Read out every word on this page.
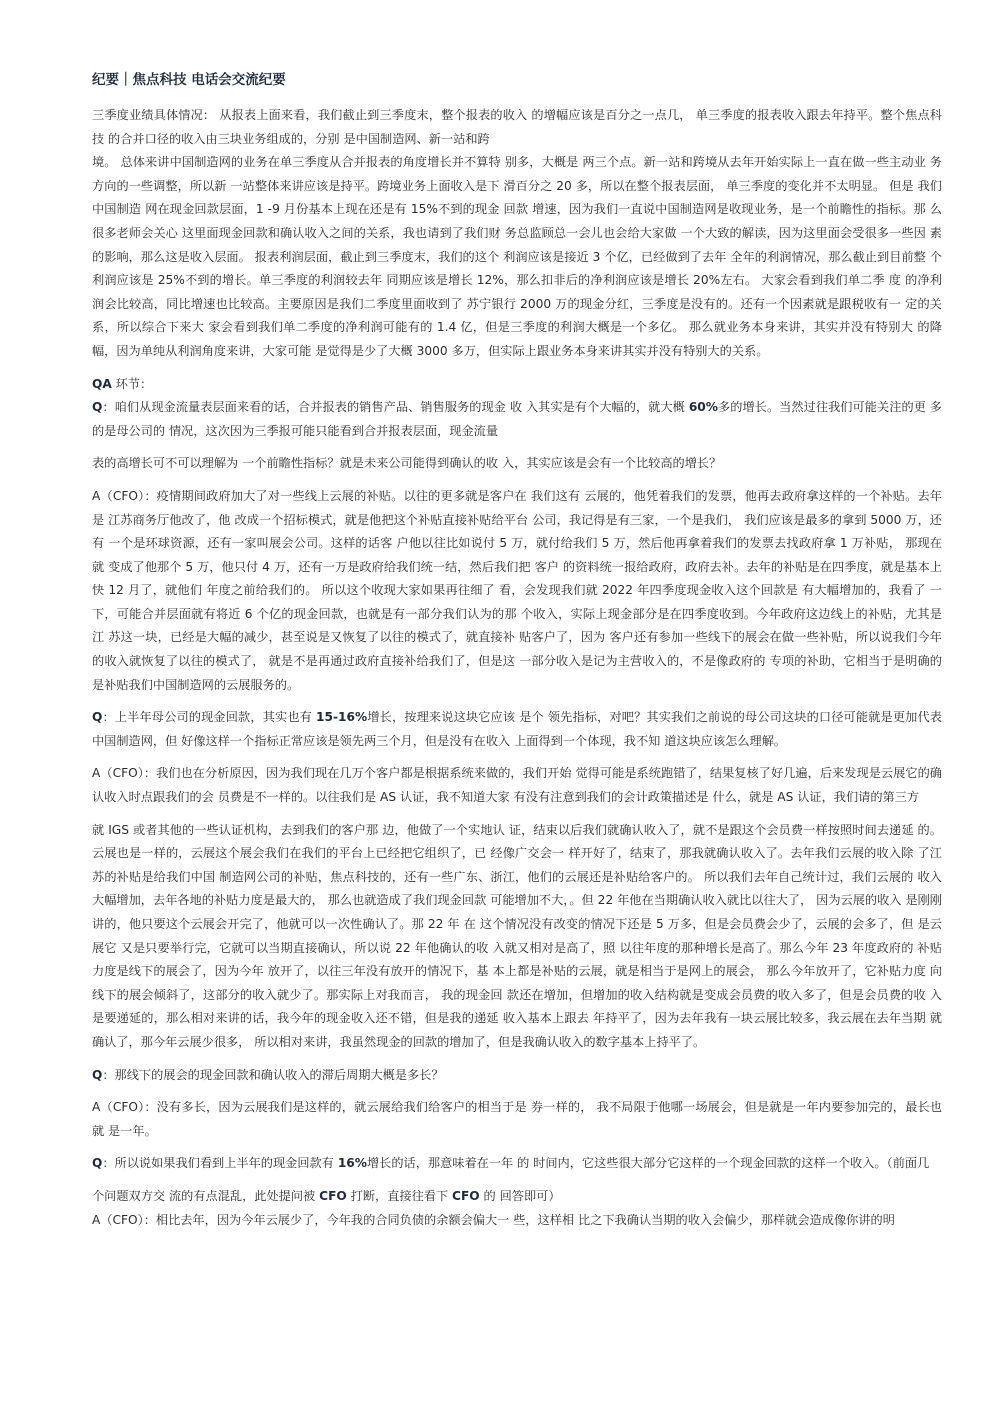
纪要｜焦点科技 电话会交流纪要

三季度业绩具体情况： 从报表上面来看，我们截止到三季度末，整个报表的收入 的增幅应该是百分之一点几， 单三季度的报表收入跟去年持平。整个焦点科技 的合并口径的收入由三块业务组成的，分别 是中国制造网、新一站和跨

境。 总体来讲中国制造网的业务在单三季度从合并报表的角度增长并不算特 别多，大概是 两三个点。新一站和跨境从去年开始实际上一直在做一些主动业 务方向的一些调整，所以新 一站整体来讲应该是持平。跨境业务上面收入是下 滑百分之 20 多，所以在整个报表层面， 单三季度的变化并不太明显。 但是 我们中国制造 网在现金回款层面，1 -9 月份基本上现在还是有 15%不到的现金 回款 增速，因为我们一直说中国制造网是收现业务，是一个前瞻性的指标。那 么很多老师会关心 这里面现金回款和确认收入之间的关系，我也请到了我们财 务总监顾总一会儿也会给大家做 一个大致的解读，因为这里面会受很多一些因 素的影响，那么这是收入层面。 报表利润层面，截止到三季度末，我们的这个 利润应该是接近 3 个亿，已经做到了去年 全年的利润情况，那么截止到目前整 个利润应该是 25%不到的增长。单三季度的利润较去年 同期应该是增长 12%，那么扣非后的净利润应该是增长 20%左右。 大家会看到我们单二季 度 的净利润会比较高，同比增速也比较高。主要原因是我们二季度里面收到了 苏宁银行 2000 万的现金分红，三季度是没有的。还有一个因素就是跟税收有一 定的关系，所以综合下来大 家会看到我们单二季度的净利润可能有的 1.4 亿，但是三季度的利润大概是一个多亿。 那么就业务本身来讲，其实并没有特别大 的降幅，因为单纯从利润角度来讲，大家可能 是觉得是少了大概 3000 多万，但实际上跟业务本身来讲其实并没有特别大的关系。

QA 环节：

Q：咱们从现金流量表层面来看的话，合并报表的销售产品、销售服务的现金 收 入其实是有个大幅的，就大概 60%多的增长。当然过往我们可能关注的更 多的是母公司的 情况，这次因为三季报可能只能看到合并报表层面，现金流量

表的高增长可不可以理解为 一个前瞻性指标？就是未来公司能得到确认的收 入，其实应该是会有一个比较高的增长？

A（CFO）：疫情期间政府加大了对一些线上云展的补贴。以往的更多就是客户在 我们这有 云展的，他凭着我们的发票，他再去政府拿这样的一个补贴。去年是 江苏商务厅他改了，他 改成一个招标模式，就是他把这个补贴直接补贴给平台 公司，我记得是有三家，一个是我们， 我们应该是最多的拿到 5000 万，还有 一个是环球资源，还有一家叫展会公司。这样的话客 户他以往比如说付 5 万，就付给我们 5 万，然后他再拿着我们的发票去找政府拿 1 万补贴， 那现在就 变成了他那个 5 万，他只付 4 万，还有一万是政府给我们统一结，然后我们把 客户 的资料统一报给政府，政府去补。去年的补贴是在四季度，就是基本上 快 12 月了，就他们 年度之前给我们的。 所以这个收现大家如果再往细了 看，会发现我们就 2022 年四季度现金收入这个回款是 有大幅增加的，我看了 一下，可能合并层面就有将近 6 个亿的现金回款，也就是有一部分我们认为的那 个收入，实际上现金部分是在四季度收到。今年政府这边线上的补贴，尤其是 江 苏这一块，已经是大幅的减少，甚至说是又恢复了以往的模式了，就直接补 贴客户了，因为 客户还有参加一些线下的展会在做一些补贴，所以说我们今年 的收入就恢复了以往的模式了， 就是不是再通过政府直接补给我们了，但是这 一部分收入是记为主营收入的，不是像政府的 专项的补助，它相当于是明确的 是补贴我们中国制造网的云展服务的。

Q：上半年母公司的现金回款，其实也有 15-16%增长，按理来说这块它应该 是个 领先指标，对吧？其实我们之前说的母公司这块的口径可能就是更加代表 中国制造网，但 好像这样一个指标正常应该是领先两三个月，但是没有在收入 上面得到一个体现，我不知 道这块应该怎么理解。

A（CFO）：我们也在分析原因，因为我们现在几万个客户都是根据系统来做的，我们开始 觉得可能是系统跑错了，结果复核了好几遍，后来发现是云展它的确 认收入时点跟我们的会 员费是不一样的。以往我们是 AS 认证，我不知道大家 有没有注意到我们的会计政策描述是 什么，就是 AS 认证，我们请的第三方

就 IGS 或者其他的一些认证机构，去到我们的客户那 边，他做了一个实地认 证，结束以后我们就确认收入了，就不是跟这个会员费一样按照时间去递延 的。 云展也是一样的，云展这个展会我们在我们的平台上已经把它组织了，已 经像广交会一 样开好了，结束了，那我就确认收入了。去年我们云展的收入除 了江苏的补贴是给我们中国 制造网公司的补贴，焦点科技的，还有一些广东、浙江，他们的云展还是补贴给客户的。 所以我们去年自己统计过，我们云展的 收入大幅增加，去年各地的补贴力度是最大的， 那么也就造成了我们现金回款 可能增加不大，。但 22 年他在当期确认收入就比以往大了， 因为云展的收入 是刚刚讲的，他只要这个云展会开完了，他就可以一次性确认了。那 22 年 在 这个情况没有改变的情况下还是 5 万多，但是会员费会少了，云展的会多了，但 是云展它 又是只要举行完，它就可以当期直接确认，所以说 22 年他确认的收 入就又相对是高了，照 以往年度的那种增长是高了。那么今年 23 年度政府的 补贴力度是线下的展会了，因为今年 放开了，以往三年没有放开的情况下，基 本上都是补贴的云展，就是相当于是网上的展会， 那么今年放开了，它补贴力度 向线下的展会倾斜了，这部分的收入就少了。那实际上对我而言， 我的现金回 款还在增加，但增加的收入结构就是变成会员费的收入多了，但是会员费的收 入 是要递延的，那么相对来讲的话，我今年的现金收入还不错，但是我的递延 收入基本上跟去 年持平了，因为去年我有一块云展比较多，我云展在去年当期 就确认了，那今年云展少很多， 所以相对来讲，我虽然现金的回款的增加了，但是我确认收入的数字基本上持平了。

Q：那线下的展会的现金回款和确认收入的滞后周期大概是多长？

A（CFO）：没有多长，因为云展我们是这样的，就云展给我们给客户的相当于是 券一样的， 我不局限于他哪一场展会，但是就是一年内要参加完的，最长也就 是一年。

Q：所以说如果我们看到上半年的现金回款有 16%增长的话，那意味着在一年 的 时间内，它这些很大部分它这样的一个现金回款的这样一个收入。（前面几

个问题双方交 流的有点混乱，此处提问被 CFO 打断，直接往看下 CFO 的 回答即可）

A（CFO）：相比去年，因为今年云展少了，今年我的合同负债的余额会偏大一 些，这样相 比之下我确认当期的收入会偏少，那样就会造成像你讲的明
